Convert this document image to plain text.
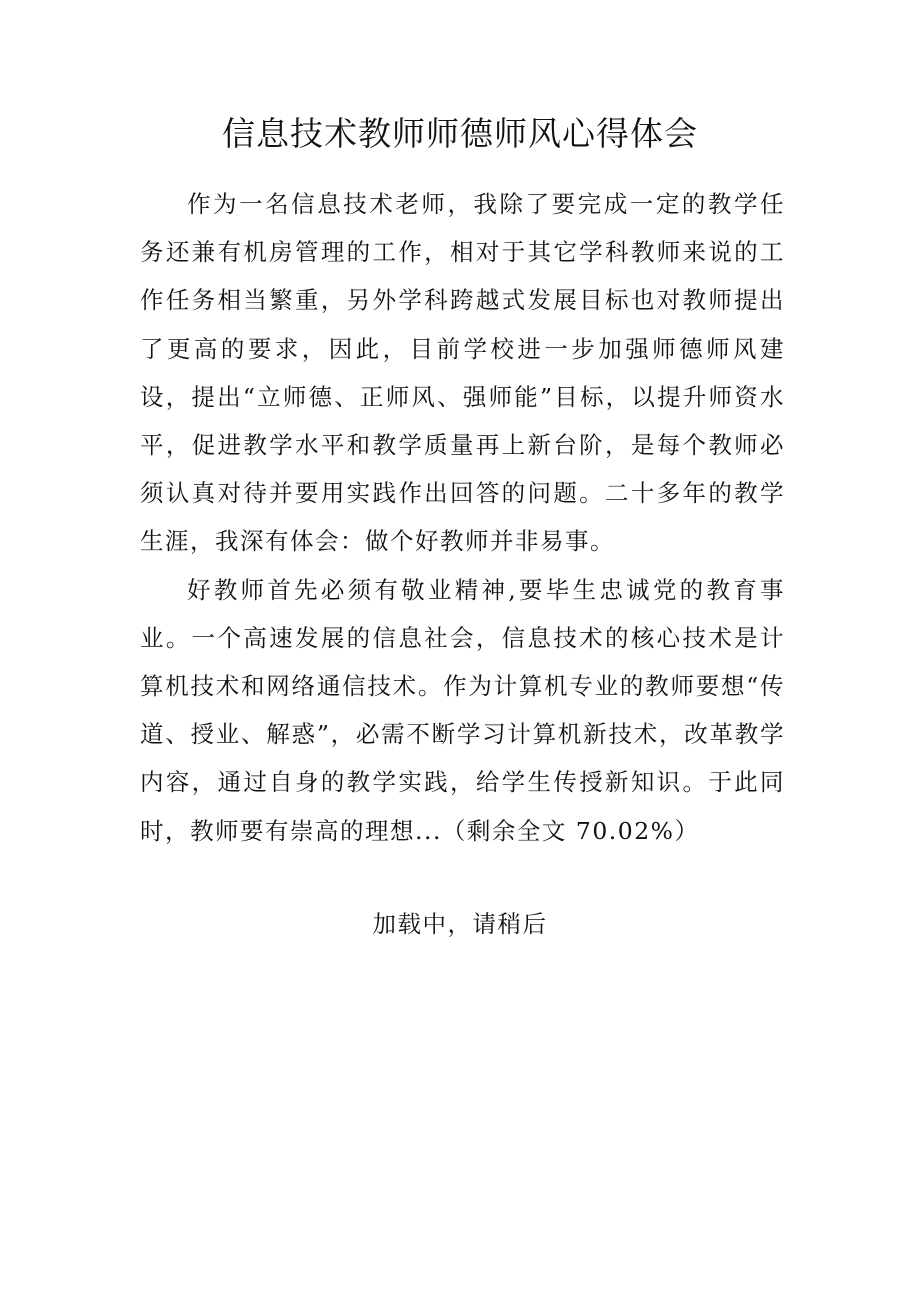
信息技术教师师德师风心得体会

作为一名信息技术老师，我除了要完成一定的教学任务还兼有机房管理的工作，相对于其它学科教师来说的工作任务相当繁重，另外学科跨越式发展目标也对教师提出了更高的要求，因此，目前学校进一步加强师德师风建设，提出“立师德、正师风、强师能”目标，以提升师资水平，促进教学水平和教学质量再上新台阶，是每个教师必须认真对待并要用实践作出回答的问题。二十多年的教学生涯，我深有体会：做个好教师并非易事。

好教师首先必须有敬业精神,要毕生忠诚党的教育事业。一个高速发展的信息社会，信息技术的核心技术是计算机技术和网络通信技术。作为计算机专业的教师要想“传道、授业、解惑”，必需不断学习计算机新技术，改革教学内容，通过自身的教学实践，给学生传授新知识。于此同时，教师要有崇高的理想...（剩余全文 70.02%）

加载中，请稍后
